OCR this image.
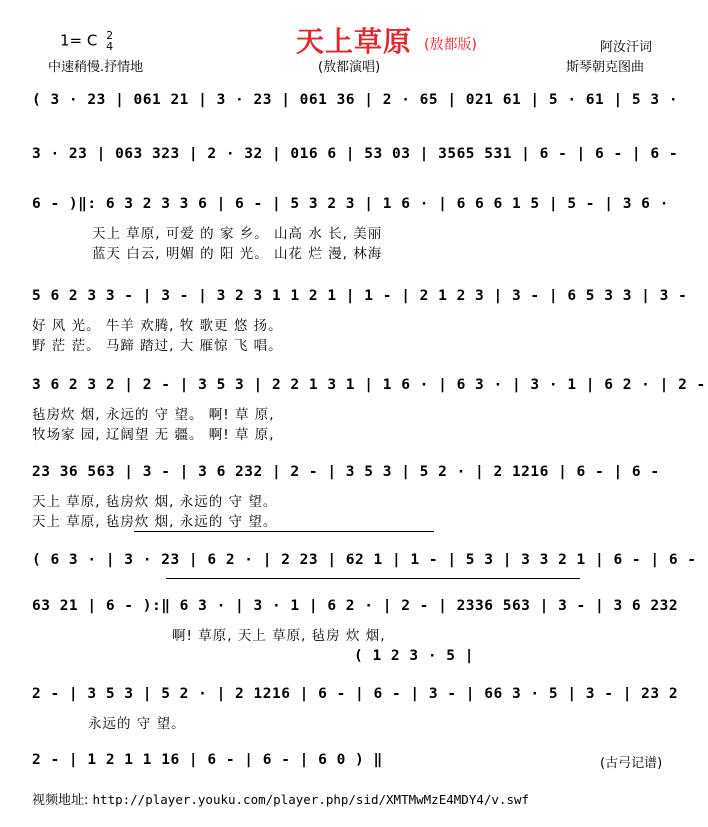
1= C 2
4
中速稍慢.抒情地
天上草原 (敖都版)
(敖都演唱)
阿汝汗词
斯琴朝克图曲
( 3 · 23 | 061 21 | 3 · 23 | 061 36 | 2 · 65 | 021 61 | 5 · 61 | 5 3 ·
3 · 23 | 063 323 | 2 · 32 | 016 6 | 53 03 | 3565 531 | 6 - | 6 - | 6 -
6 - )‖: 6 3 2 3 3 6 | 6 - | 5 3 2 3 | 1 6 · | 6 6 6 1 5 | 5 - | 3 6 ·
天上 草原, 可爱 的 家 乡。 山高 水 长, 美丽
蓝天 白云, 明媚 的 阳 光。 山花 烂 漫, 林海
5 6 2 3 3 - | 3 - | 3 2 3 1 1 2 1 | 1 - | 2 1 2 3 | 3 - | 6 5 3 3 | 3 -
好 风 光。 牛羊 欢腾, 牧 歌更 悠 扬。
野 茫 茫。 马蹄 踏过, 大 雁惊 飞 唱。
3 6 2 3 2 | 2 - | 3 5 3 | 2 2 1 3 1 | 1 6 · | 6 3 · | 3 · 1 | 6 2 · | 2 -
毡房炊 烟, 永远的 守 望。 啊! 草 原,
牧场家 园, 辽阔望 无 疆。 啊! 草 原,
23 36 563 | 3 - | 3 6 232 | 2 - | 3 5 3 | 5 2 · | 2 1216 | 6 - | 6 -
天上 草原, 毡房炊 烟, 永远的 守 望。
天上 草原, 毡房炊 烟, 永远的 守 望。
( 6 3 · | 3 · 23 | 6 2 · | 2 23 | 62 1 | 1 - | 5 3 | 3 3 2 1 | 6 - | 6 -
63 21 | 6 - ):‖ 6 3 · | 3 · 1 | 6 2 · | 2 - | 2336 563 | 3 - | 3 6 232
啊! 草原, 天上 草原, 毡房 炊 烟,
( 1 2 3 · 5 |
2 - | 3 5 3 | 5 2 · | 2 1216 | 6 - | 6 - | 3 - | 66 3 · 5 | 3 - | 23 2
永远的 守 望。
2 - | 1 2 1 1 16 | 6 - | 6 - | 6 0 ) ‖	(古弓记谱)
视频地址: http://player.youku.com/player.php/sid/XMTMwMzE4MDY4/v.swf
